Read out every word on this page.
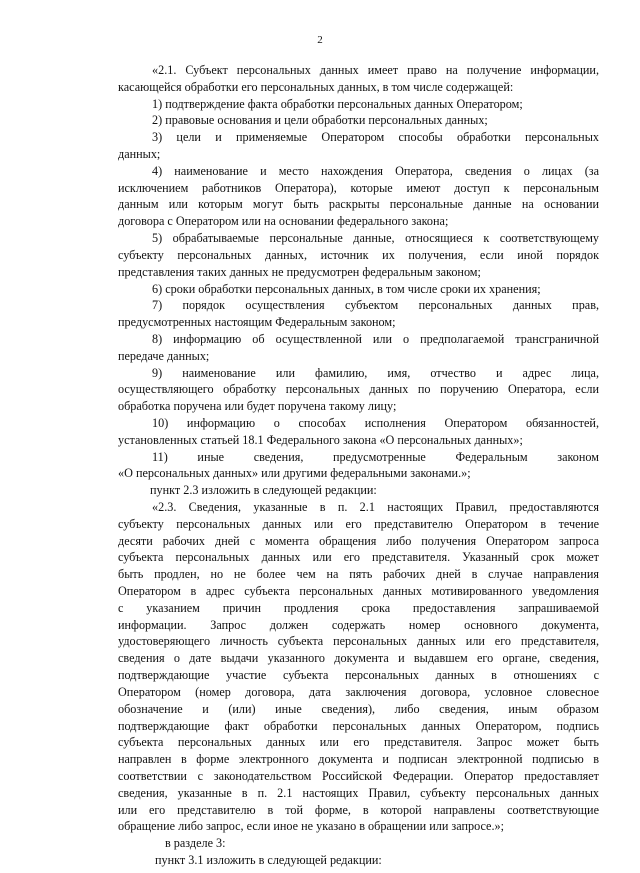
2
«2.1. Субъект персональных данных имеет право на получение информации,
касающейся обработки его персональных данных, в том числе содержащей:
1) подтверждение факта обработки персональных данных Оператором;
2) правовые основания и цели обработки персональных данных;
3) цели и применяемые Оператором способы обработки персональных
данных;
4) наименование и место нахождения Оператора, сведения о лицах (за
исключением работников Оператора), которые имеют доступ к персональным
данным или которым могут быть раскрыты персональные данные на основании
договора с Оператором или на основании федерального закона;
5) обрабатываемые персональные данные, относящиеся к соответствующему
субъекту персональных данных, источник их получения, если иной порядок
представления таких данных не предусмотрен федеральным законом;
6) сроки обработки персональных данных, в том числе сроки их хранения;
7) порядок осуществления субъектом персональных данных прав,
предусмотренных настоящим Федеральным законом;
8) информацию об осуществленной или о предполагаемой трансграничной
передаче данных;
9) наименование или фамилию, имя, отчество и адрес лица,
осуществляющего обработку персональных данных по поручению Оператора, если
обработка поручена или будет поручена такому лицу;
10) информацию о способах исполнения Оператором обязанностей,
установленных статьей 18.1 Федерального закона «О персональных данных»;
11) иные сведения, предусмотренные Федеральным законом
«О персональных данных» или другими федеральными законами.»;
пункт 2.3 изложить в следующей редакции:
«2.3. Сведения, указанные в п. 2.1 настоящих Правил, предоставляются
субъекту персональных данных или его представителю Оператором в течение
десяти рабочих дней с момента обращения либо получения Оператором запроса
субъекта персональных данных или его представителя. Указанный срок может
быть продлен, но не более чем на пять рабочих дней в случае направления
Оператором в адрес субъекта персональных данных мотивированного уведомления
с указанием причин продления срока предоставления запрашиваемой
информации. Запрос должен содержать номер основного документа,
удостоверяющего личность субъекта персональных данных или его представителя,
сведения о дате выдачи указанного документа и выдавшем его органе, сведения,
подтверждающие участие субъекта персональных данных в отношениях с
Оператором (номер договора, дата заключения договора, условное словесное
обозначение и (или) иные сведения), либо сведения, иным образом
подтверждающие факт обработки персональных данных Оператором, подпись
субъекта персональных данных или его представителя. Запрос может быть
направлен в форме электронного документа и подписан электронной подписью в
соответствии с законодательством Российской Федерации. Оператор предоставляет
сведения, указанные в п. 2.1 настоящих Правил, субъекту персональных данных
или его представителю в той форме, в которой направлены соответствующие
обращение либо запрос, если иное не указано в обращении или запросе.»;
в разделе 3:
пункт 3.1 изложить в следующей редакции:
